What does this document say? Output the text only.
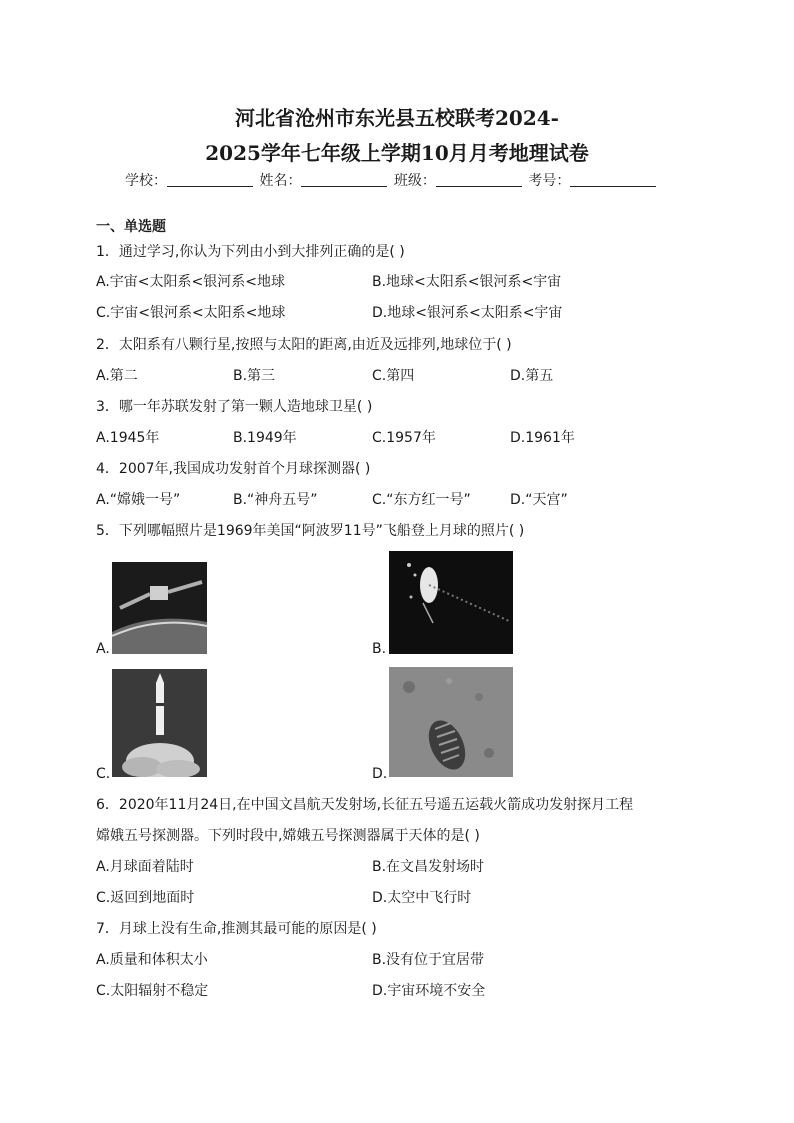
河北省沧州市东光县五校联考2024-
2025学年七年级上学期10月月考地理试卷
学校：	姓名：	班级：	考号：
一、单选题
1．通过学习,你认为下列由小到大排列正确的是( )
A.宇宙<太阳系<银河系<地球	B.地球<太阳系<银河系<宇宙
C.宇宙<银河系<太阳系<地球	D.地球<银河系<太阳系<宇宙
2．太阳系有八颗行星,按照与太阳的距离,由近及远排列,地球位于( )
A.第二	B.第三	C.第四	D.第五
3．哪一年苏联发射了第一颗人造地球卫星( )
A.1945年	B.1949年	C.1957年	D.1961年
4．2007年,我国成功发射首个月球探测器( )
A.“嫦娥一号”	B.“神舟五号”	C.“东方红一号”	D.“天宫”
5．下列哪幅照片是1969年美国“阿波罗11号”飞船登上月球的照片( )
A.	B.
C.	D.
6．2020年11月24日,在中国文昌航天发射场,长征五号遥五运载火箭成功发射探月工程
嫦娥五号探测器。下列时段中,嫦娥五号探测器属于天体的是( )
A.月球面着陆时	B.在文昌发射场时
C.返回到地面时	D.太空中飞行时
7．月球上没有生命,推测其最可能的原因是( )
A.质量和体积太小	B.没有位于宜居带
C.太阳辐射不稳定	D.宇宙环境不安全
